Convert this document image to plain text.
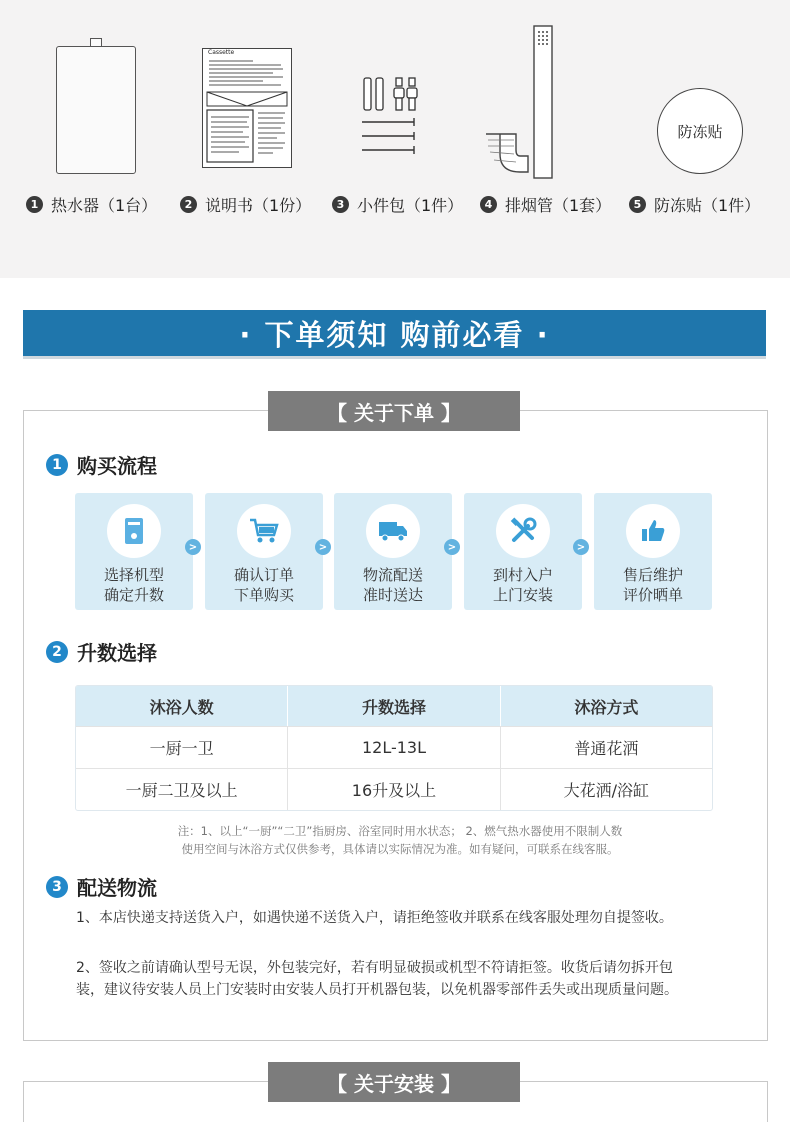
Cassette
防冻贴
1 热水器（1台）	2 说明书（1份）	3 小件包（1件）	4 排烟管（1套）	5 防冻贴（1件）
· 下单须知 购前必看 ·
【 关于下单 】
1 购买流程
选择机型
确定升数
>
确认订单
下单购买
>
物流配送
准时送达
>
到村入户
上门安装
>
售后维护
评价晒单
2 升数选择
沐浴人数	升数选择	沐浴方式
一厨一卫	12L-13L	普通花洒
一厨二卫及以上	16升及以上	大花洒/浴缸
注：1、以上“一厨”“二卫”指厨房、浴室同时用水状态； 2、燃气热水器使用不限制人数
使用空间与沐浴方式仅供参考，具体请以实际情况为准。如有疑问，可联系在线客服。
3 配送物流
1、本店快递支持送货入户，如遇快递不送货入户，请拒绝签收并联系在线客服处理勿自提签收。
2、签收之前请确认型号无误，外包装完好，若有明显破损或机型不符请拒签。收货后请勿拆开包装，建议待安装人员上门安装时由安装人员打开机器包装，以免机器零部件丢失或出现质量问题。
【 关于安装 】
